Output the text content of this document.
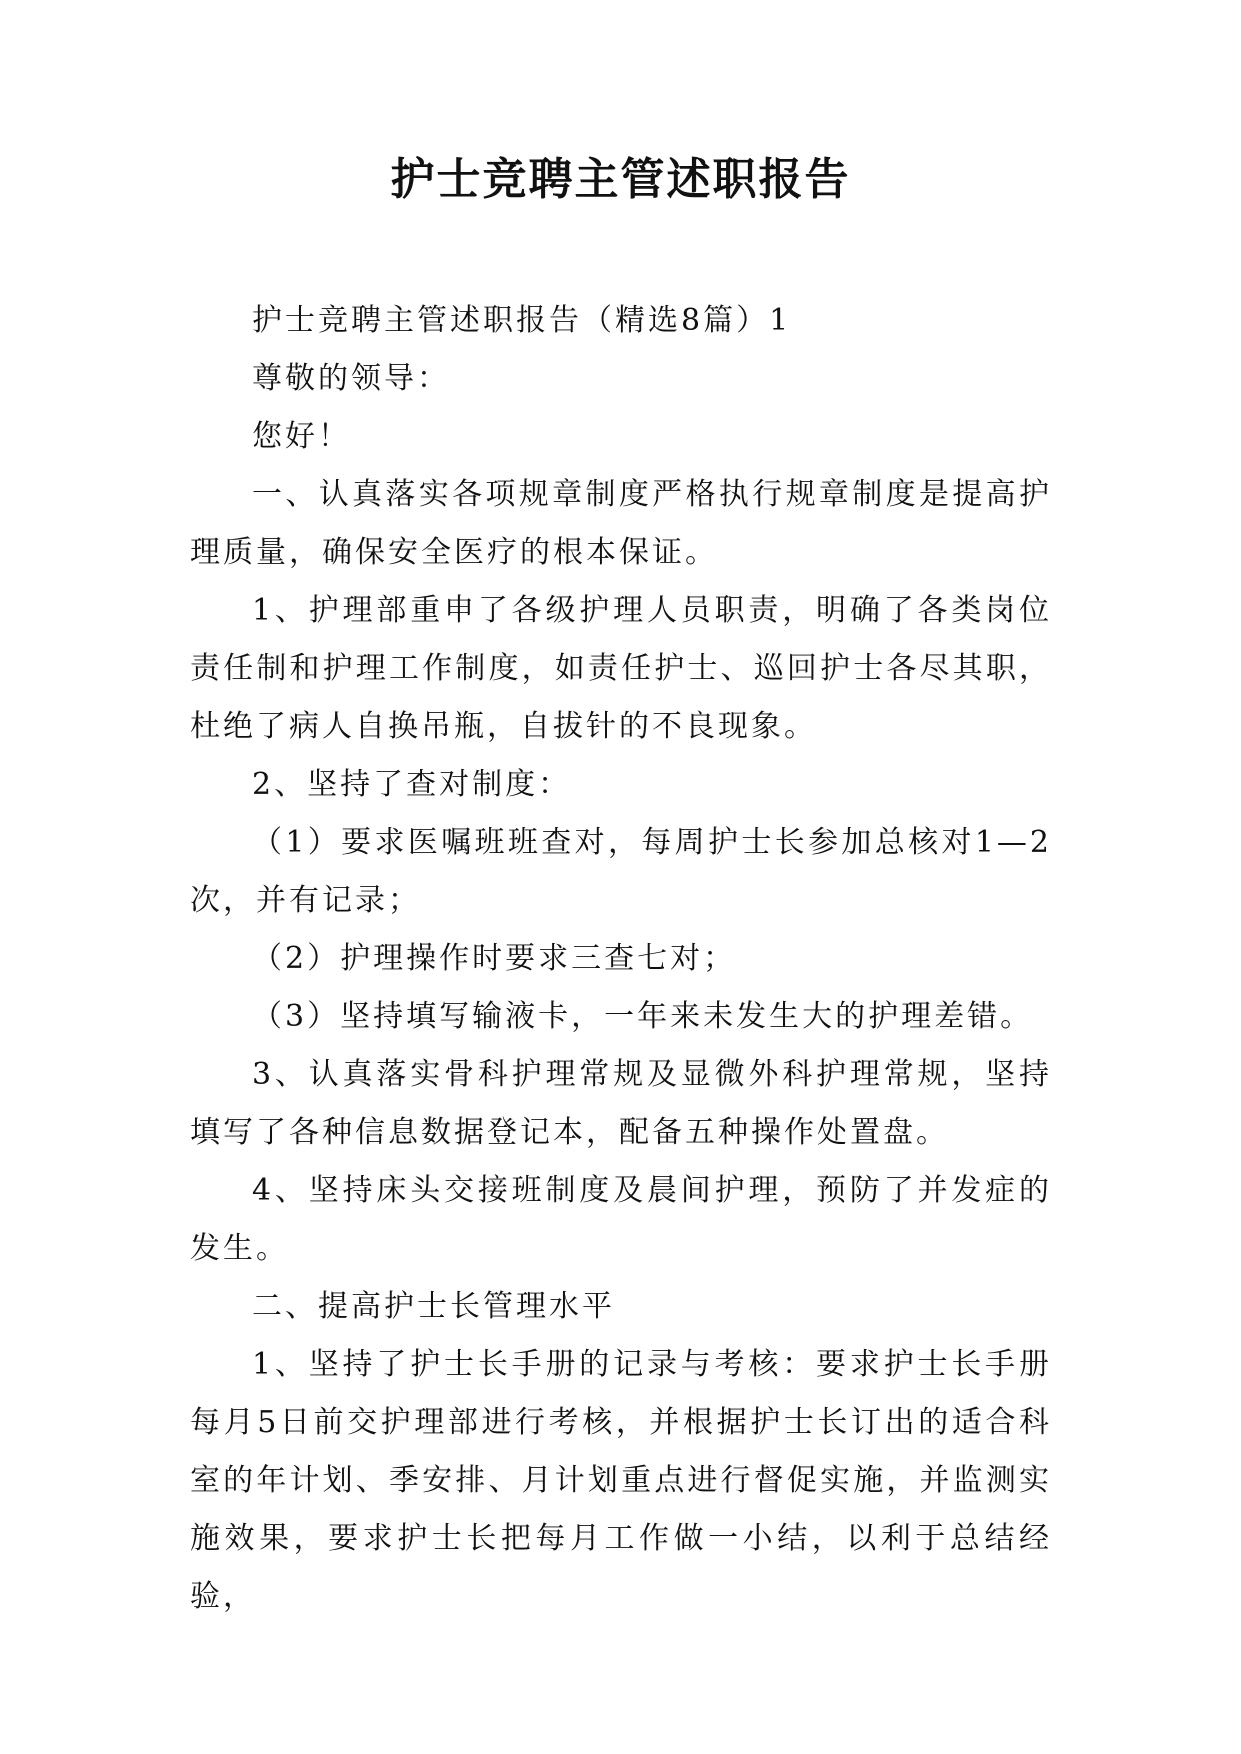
护士竞聘主管述职报告

护士竞聘主管述职报告（精选8篇）1

尊敬的领导：

您好！

一、认真落实各项规章制度严格执行规章制度是提高护理质量，确保安全医疗的根本保证。

1、护理部重申了各级护理人员职责，明确了各类岗位责任制和护理工作制度，如责任护士、巡回护士各尽其职，杜绝了病人自换吊瓶，自拔针的不良现象。

2、坚持了查对制度：

（1）要求医嘱班班查对，每周护士长参加总核对1—2次，并有记录；

（2）护理操作时要求三查七对；

（3）坚持填写输液卡，一年来未发生大的护理差错。

3、认真落实骨科护理常规及显微外科护理常规，坚持填写了各种信息数据登记本，配备五种操作处置盘。

4、坚持床头交接班制度及晨间护理，预防了并发症的发生。

二、提高护士长管理水平

1、坚持了护士长手册的记录与考核：要求护士长手册每月5日前交护理部进行考核，并根据护士长订出的适合科室的年计划、季安排、月计划重点进行督促实施，并监测实施效果，要求护士长把每月工作做一小结，以利于总结经验，
